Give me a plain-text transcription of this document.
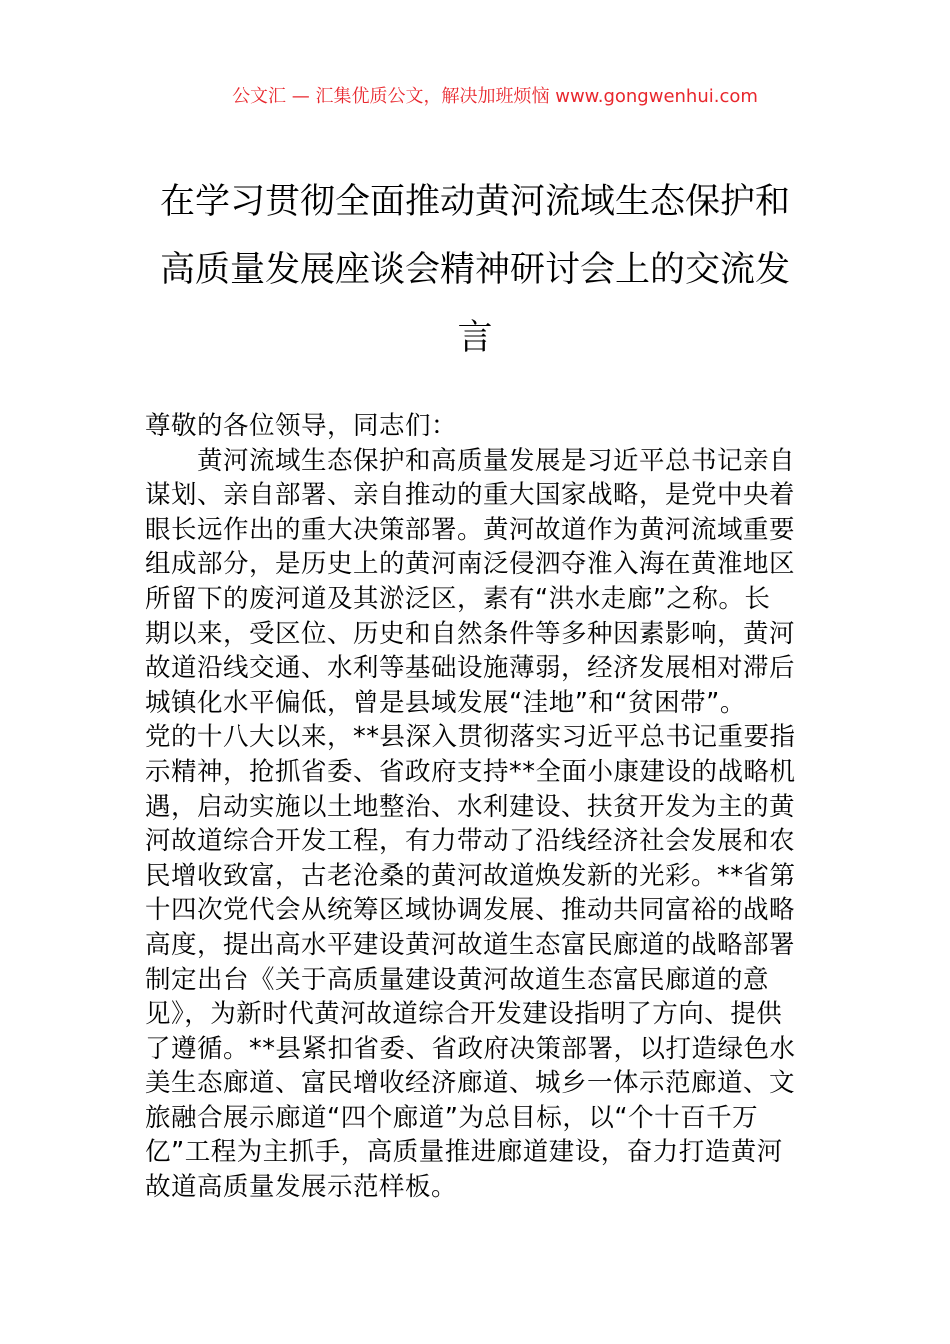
公文汇 — 汇集优质公文，解决加班烦恼 www.gongwenhui.com
在学习贯彻全面推动黄河流域生态保护和
高质量发展座谈会精神研讨会上的交流发
言
尊敬的各位领导，同志们：
　　黄河流域生态保护和高质量发展是习近平总书记亲自
谋划、亲自部署、亲自推动的重大国家战略，是党中央着
眼长远作出的重大决策部署。黄河故道作为黄河流域重要
组成部分，是历史上的黄河南泛侵泗夺淮入海在黄淮地区
所留下的废河道及其淤泛区，素有“洪水走廊”之称。长
期以来，受区位、历史和自然条件等多种因素影响，黄河
故道沿线交通、水利等基础设施薄弱，经济发展相对滞后
城镇化水平偏低，曾是县域发展“洼地”和“贫困带”。
党的十八大以来，**县深入贯彻落实习近平总书记重要指
示精神，抢抓省委、省政府支持**全面小康建设的战略机
遇，启动实施以土地整治、水利建设、扶贫开发为主的黄
河故道综合开发工程，有力带动了沿线经济社会发展和农
民增收致富，古老沧桑的黄河故道焕发新的光彩。**省第
十四次党代会从统筹区域协调发展、推动共同富裕的战略
高度，提出高水平建设黄河故道生态富民廊道的战略部署
制定出台《关于高质量建设黄河故道生态富民廊道的意
见》，为新时代黄河故道综合开发建设指明了方向、提供
了遵循。**县紧扣省委、省政府决策部署，以打造绿色水
美生态廊道、富民增收经济廊道、城乡一体示范廊道、文
旅融合展示廊道“四个廊道”为总目标，以“个十百千万
亿”工程为主抓手，高质量推进廊道建设，奋力打造黄河
故道高质量发展示范样板。
